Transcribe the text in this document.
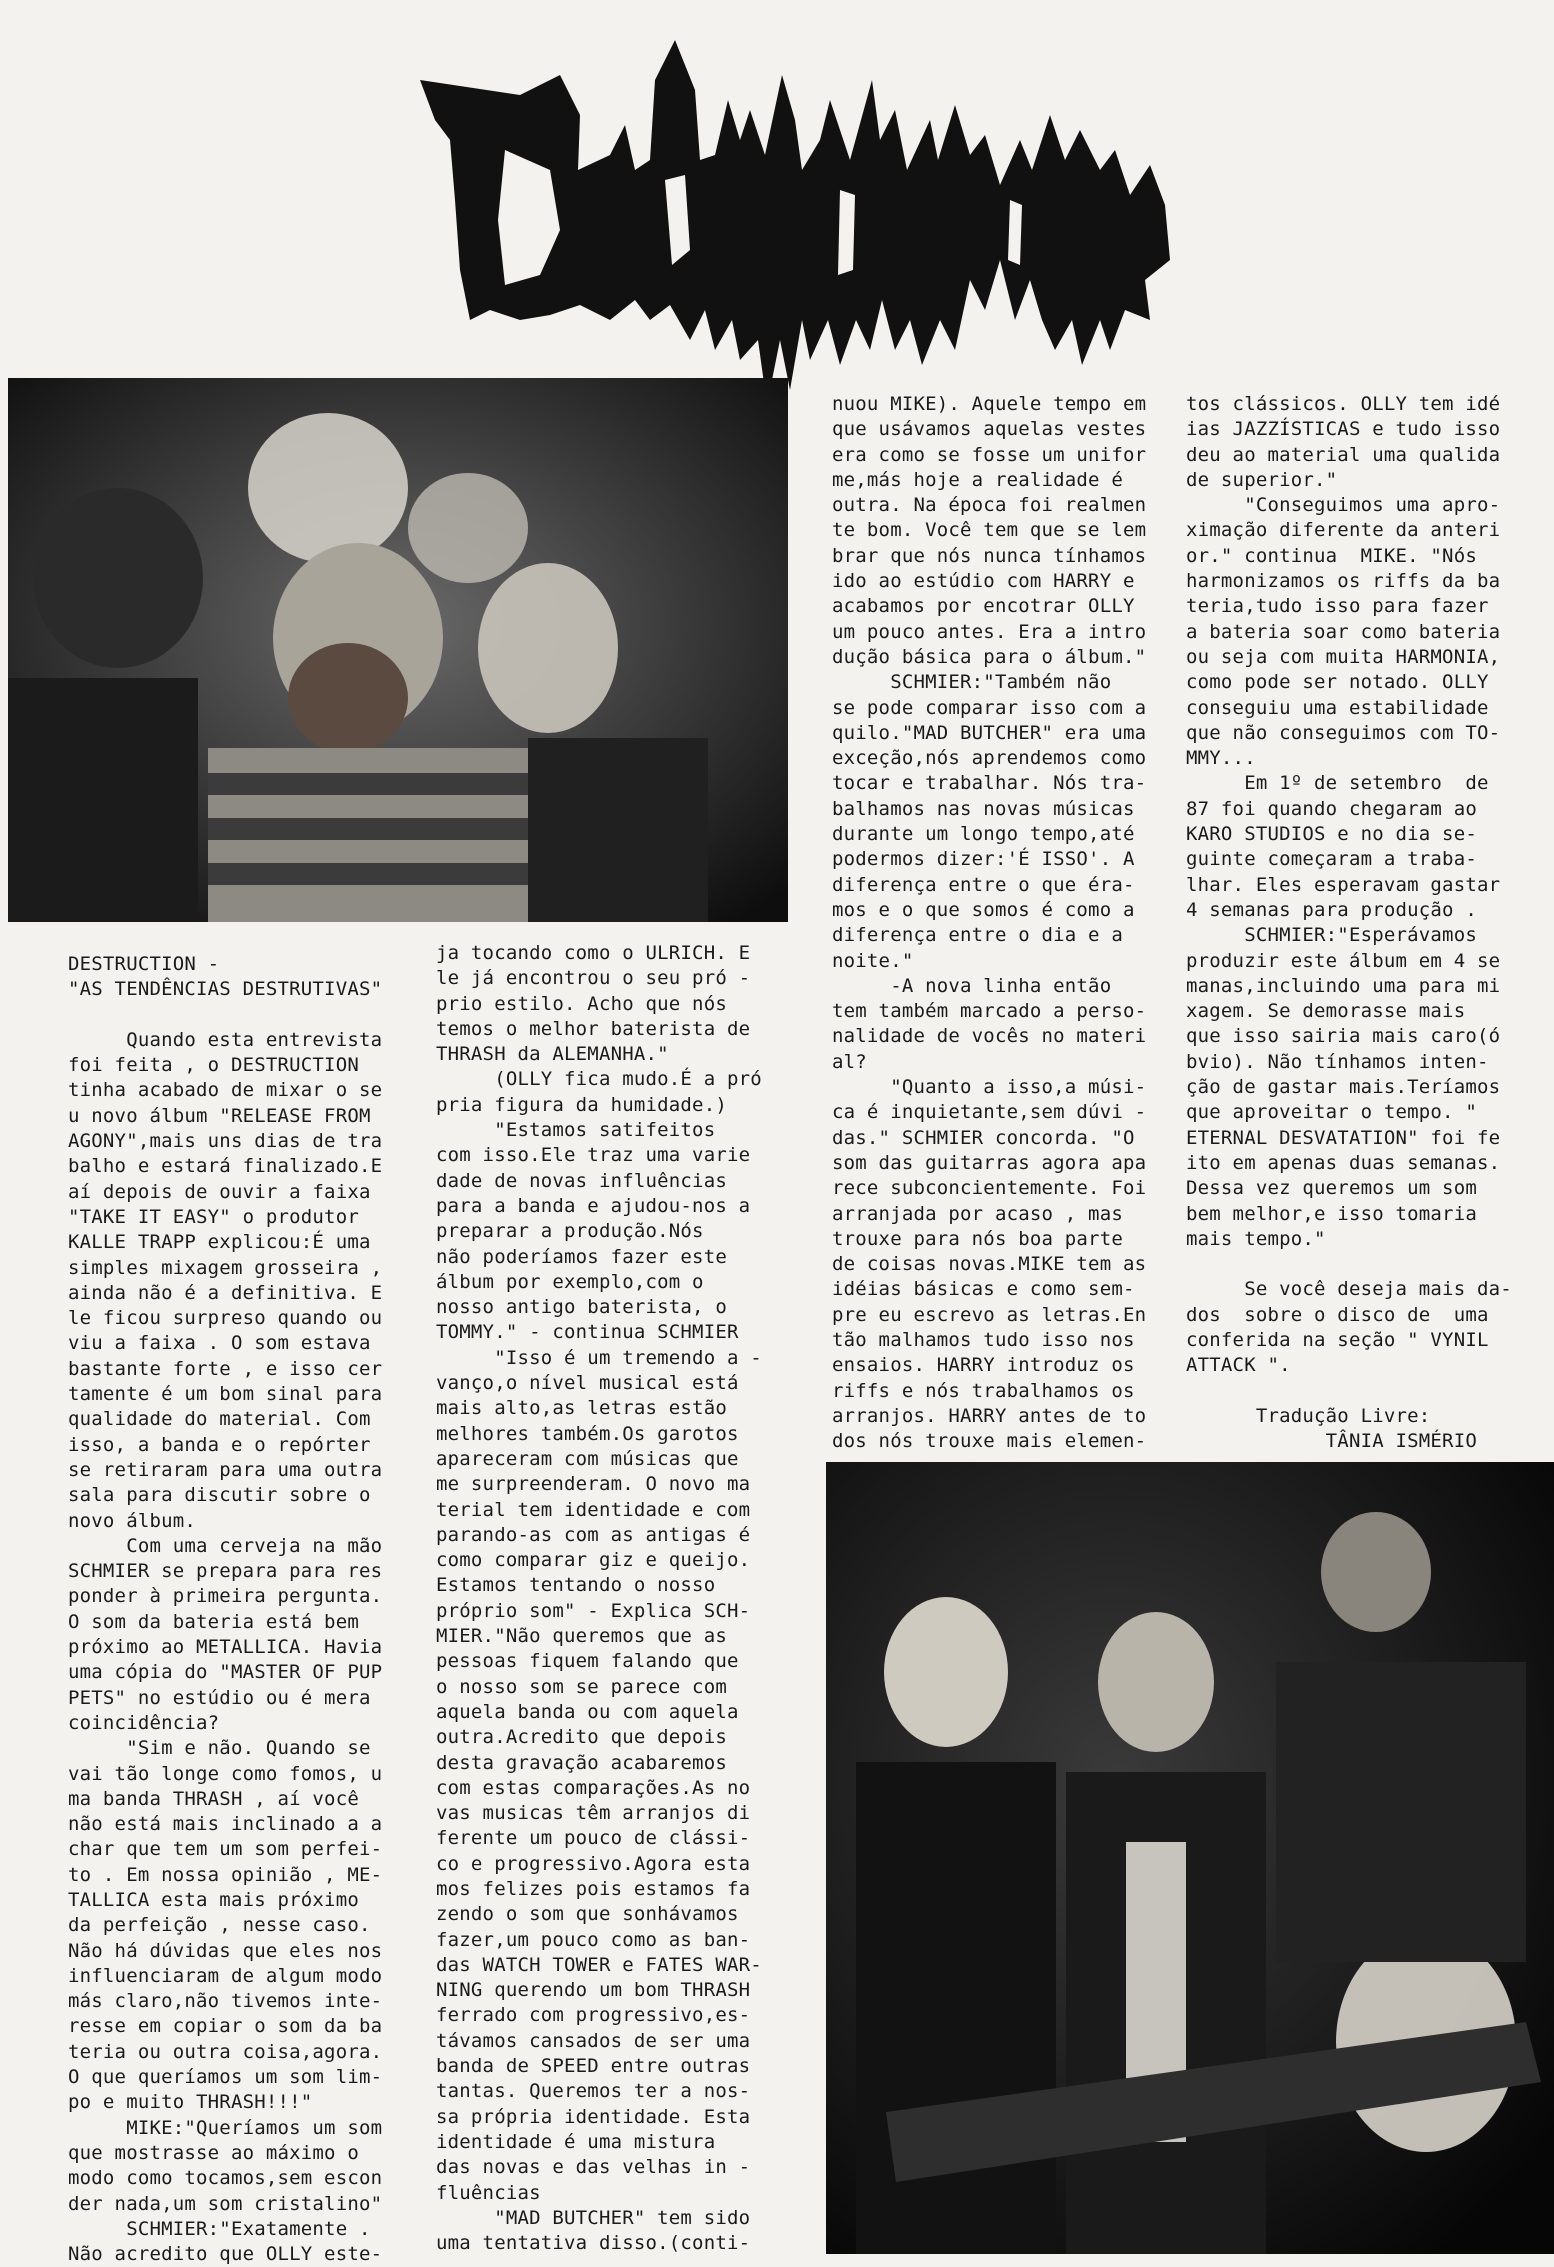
DESTRUCTION -
"AS TENDÊNCIAS DESTRUTIVAS"
Quando esta entrevista
foi feita , o DESTRUCTION
tinha acabado de mixar o se
u novo álbum "RELEASE FROM
AGONY",mais uns dias de tra
balho e estará finalizado.E
aí depois de ouvir a faixa
"TAKE IT EASY" o produtor
KALLE TRAPP explicou:É uma
simples mixagem grosseira ,
ainda não é a definitiva. E
le ficou surpreso quando ou
viu a faixa . O som estava
bastante forte , e isso cer
tamente é um bom sinal para
qualidade do material. Com
isso, a banda e o repórter
se retiraram para uma outra
sala para discutir sobre o
novo álbum.
Com uma cerveja na mão
SCHMIER se prepara para res
ponder à primeira pergunta.
O som da bateria está bem
próximo ao METALLICA. Havia
uma cópia do "MASTER OF PUP
PETS" no estúdio ou é mera
coincidência?
"Sim e não. Quando se
vai tão longe como fomos, u
ma banda THRASH , aí você
não está mais inclinado a a
char que tem um som perfei-
to . Em nossa opinião , ME-
TALLICA esta mais próximo
da perfeição , nesse caso.
Não há dúvidas que eles nos
influenciaram de algum modo
más claro,não tivemos inte-
resse em copiar o som da ba
teria ou outra coisa,agora.
O que queríamos um som lim-
po e muito THRASH!!!"
MIKE:"Queríamos um som
que mostrasse ao máximo o
modo como tocamos,sem escon
der nada,um som cristalino"
SCHMIER:"Exatamente .
Não acredito que OLLY este-
ja tocando como o ULRICH. E
le já encontrou o seu pró -
prio estilo. Acho que nós
temos o melhor baterista de
THRASH da ALEMANHA."
(OLLY fica mudo.É a pró
pria figura da humidade.)
"Estamos satifeitos
com isso.Ele traz uma varie
dade de novas influências
para a banda e ajudou-nos a
preparar a produção.Nós
não poderíamos fazer este
álbum por exemplo,com o
nosso antigo baterista, o
TOMMY." - continua SCHMIER
"Isso é um tremendo a -
vanço,o nível musical está
mais alto,as letras estão
melhores também.Os garotos
apareceram com músicas que
me surpreenderam. O novo ma
terial tem identidade e com
parando-as com as antigas é
como comparar giz e queijo.
Estamos tentando o nosso
próprio som" - Explica SCH-
MIER."Não queremos que as
pessoas fiquem falando que
o nosso som se parece com
aquela banda ou com aquela
outra.Acredito que depois
desta gravação acabaremos
com estas comparações.As no
vas musicas têm arranjos di
ferente um pouco de clássi-
co e progressivo.Agora esta
mos felizes pois estamos fa
zendo o som que sonhávamos
fazer,um pouco como as ban-
das WATCH TOWER e FATES WAR-
NING querendo um bom THRASH
ferrado com progressivo,es-
távamos cansados de ser uma
banda de SPEED entre outras
tantas. Queremos ter a nos-
sa própria identidade. Esta
identidade é uma mistura
das novas e das velhas in -
fluências
"MAD BUTCHER" tem sido
uma tentativa disso.(conti-
nuou MIKE). Aquele tempo em
que usávamos aquelas vestes
era como se fosse um unifor
me,más hoje a realidade é
outra. Na época foi realmen
te bom. Você tem que se lem
brar que nós nunca tínhamos
ido ao estúdio com HARRY e
acabamos por encotrar OLLY
um pouco antes. Era a intro
dução básica para o álbum."
SCHMIER:"Também não
se pode comparar isso com a
quilo."MAD BUTCHER" era uma
exceção,nós aprendemos como
tocar e trabalhar. Nós tra-
balhamos nas novas músicas
durante um longo tempo,até
podermos dizer:'É ISSO'. A
diferença entre o que éra-
mos e o que somos é como a
diferença entre o dia e a
noite."
-A nova linha então
tem também marcado a perso-
nalidade de vocês no materi
al?
"Quanto a isso,a músi-
ca é inquietante,sem dúvi -
das." SCHMIER concorda. "O
som das guitarras agora apa
rece subconcientemente. Foi
arranjada por acaso , mas
trouxe para nós boa parte
de coisas novas.MIKE tem as
idéias básicas e como sem-
pre eu escrevo as letras.En
tão malhamos tudo isso nos
ensaios. HARRY introduz os
riffs e nós trabalhamos os
arranjos. HARRY antes de to
dos nós trouxe mais elemen-
tos clássicos. OLLY tem idé
ias JAZZÍSTICAS e tudo isso
deu ao material uma qualida
de superior."
"Conseguimos uma apro-
ximação diferente da anteri
or." continua  MIKE. "Nós
harmonizamos os riffs da ba
teria,tudo isso para fazer
a bateria soar como bateria
ou seja com muita HARMONIA,
como pode ser notado. OLLY
conseguiu uma estabilidade
que não conseguimos com TO-
MMY...
Em 1º de setembro  de
87 foi quando chegaram ao
KARO STUDIOS e no dia se-
guinte começaram a traba-
lhar. Eles esperavam gastar
4 semanas para produção .
SCHMIER:"Esperávamos
produzir este álbum em 4 se
manas,incluindo uma para mi
xagem. Se demorasse mais
que isso sairia mais caro(ó
bvio). Não tínhamos inten-
ção de gastar mais.Teríamos
que aproveitar o tempo. "
ETERNAL DESVATATION" foi fe
ito em apenas duas semanas.
Dessa vez queremos um som
bem melhor,e isso tomaria
mais tempo."
Se você deseja mais da-
dos  sobre o disco de  uma
conferida na seção " VYNIL
ATTACK ".
Tradução Livre:
TÂNIA ISMÉRIO
